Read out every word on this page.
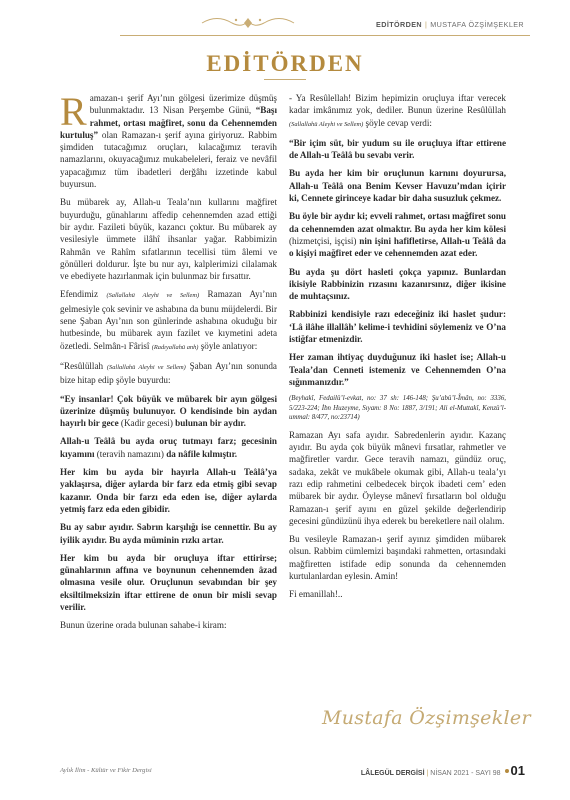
EDİTÖRDEN | MUSTAFA ÖZŞİMŞEKLER
EDİTÖRDEN

Ramazan-ı şerif Ayı’nın gölgesi üzerimize düşmüş bulunmaktadır. 13 Nisan Perşembe Günü, “Başı rahmet, ortası mağfiret, sonu da Cehennemden kurtuluş” olan Ramazan-ı şerif ayına giriyoruz. Rabbim şimdiden tutacağımız oruçları, kılacağımız teravih namazlarını, okuyacağımız mukabeleleri, feraiz ve nevâfil yapacağımız tüm ibadetleri derğâhı izzetinde kabul buyursun.

Bu mübarek ay, Allah-u Teala’nın kullarını mağfiret buyurduğu, günahlarını affedip cehennemden azad ettiği bir aydır. Fazileti büyük, kazancı çoktur. Bu mübarek ay vesilesiyle ümmete ilâhî ihsanlar yağar. Rabbimizin Rahmân ve Rahîm sıfatlarının tecellisi tüm âlemi ve gönülleri doldurur. İşte bu nur ayı, kalplerimizi cilalamak ve ebediyete hazırlanmak için bulunmaz bir fırsattır.

Efendimiz (Sallallahü Aleyhi ve Sellem) Ramazan Ayı’nın gelmesiyle çok sevinir ve ashabına da bunu müjdelerdi. Bir sene Şaban Ayı’nın son günlerinde ashabına okuduğu bir hutbesinde, bu mübarek ayın fazilet ve kıymetini adeta özetledi. Selmân-ı Fârisî (Radıyallahü anh) şöyle anlatıyor:

“Resûlüllah (Sallallahü Aleyhi ve Sellem) Şaban Ayı’nın sonunda bize hitap edip şöyle buyurdu:

“Ey insanlar! Çok büyük ve mübarek bir ayın gölgesi üzerinize düşmüş bulunuyor. O kendisinde bin aydan hayırlı bir gece (Kadir gecesi) bulunan bir aydır.

Allah-u Teâlâ bu ayda oruç tutmayı farz; gecesinin kıyamını (teravih namazını) da nâfile kılmıştır.

Her kim bu ayda bir hayırla Allah-u Teâlâ’ya yaklaşırsa, diğer aylarda bir farz eda etmiş gibi sevap kazanır. Onda bir farzı eda eden ise, diğer aylarda yetmiş farz eda eden gibidir.

Bu ay sabır ayıdır. Sabrın karşılığı ise cennettir. Bu ay iyilik ayıdır. Bu ayda müminin rızkı artar.

Her kim bu ayda bir oruçluya iftar ettirirse; günahlarının affına ve boynunun cehennemden âzad olmasına vesile olur. Oruçlunun sevabından bir şey eksiltilmeksizin iftar ettirene de onun bir misli sevap verilir.

Bunun üzerine orada bulunan sahabe-i kiram:

- Ya Resûlellah! Bizim hepimizin oruçluya iftar verecek kadar imkânımız yok, dediler. Bunun üzerine Resûlüllah (Sallallahü Aleyhi ve Sellem) şöyle cevap verdi:

“Bir içim süt, bir yudum su ile oruçluya iftar ettirene de Allah-u Teâlâ bu sevabı verir.

Bu ayda her kim bir oruçlunun karnını doyurursa, Allah-u Teâlâ ona Benim Kevser Havuzu’mdan içirir ki, Cennete girinceye kadar bir daha susuzluk çekmez.

Bu öyle bir aydır ki; evveli rahmet, ortası mağfiret sonu da cehennemden azat olmaktır. Bu ayda her kim kölesi (hizmetçisi, işçisi) nin işini hafifletirse, Allah-u Teâlâ da o kişiyi mağfiret eder ve cehennemden azat eder.

Bu ayda şu dört hasleti çokça yapınız. Bunlardan ikisiyle Rabbinizin rızasını kazanırsınız, diğer ikisine de muhtaçsınız.

Rabbinizi kendisiyle razı edeceğiniz iki haslet şudur: ‘Lâ ilâhe illallâh’ kelime-i tevhidini söylemeniz ve O’na istiğfar etmenizdir.

Her zaman ihtiyaç duyduğunuz iki haslet ise; Allah-u Teala’dan Cenneti istemeniz ve Cehennemden O’na sığınmanızdır.”

(Beyhakî, Fedailü’l-evkat, no: 37 sh: 146-148; Şu’abü’l-Îmân, no: 3336, 5/223-224; İbn Huzeyme, Sıyam: 8 No: 1887, 3/191; Ali el-Muttakî, Kenzü’l-ummal: 8/477, no:23714)

Ramazan Ayı safa ayıdır. Sabredenlerin ayıdır. Kazanç ayıdır. Bu ayda çok büyük mânevi fırsatlar, rahmetler ve mağfiretler vardır. Gece teravih namazı, gündüz oruç, sadaka, zekât ve mukâbele okumak gibi, Allah-u teala’yı razı edip rahmetini celbedecek birçok ibadeti cem’ eden mübarek bir aydır. Öyleyse mânevî fırsatların bol olduğu Ramazan-ı şerif ayını en güzel şekilde değerlendirip gecesini gündüzünü ihya ederek bu bereketlere nail olalım.

Bu vesileyle Ramazan-ı şerif ayınız şimdiden mübarek olsun. Rabbim cümlemizi başındaki rahmetten, ortasındaki mağfiretten istifade edip sonunda da cehennemden kurtulanlardan eylesin. Amin!

Fi emanillah!..

Mustafa Özşimşekler
Aylık İlim - Kültür ve Fikir Dergisi	LÂLEGÜL DERGİSİ | NİSAN 2021 - SAYI 98 01
